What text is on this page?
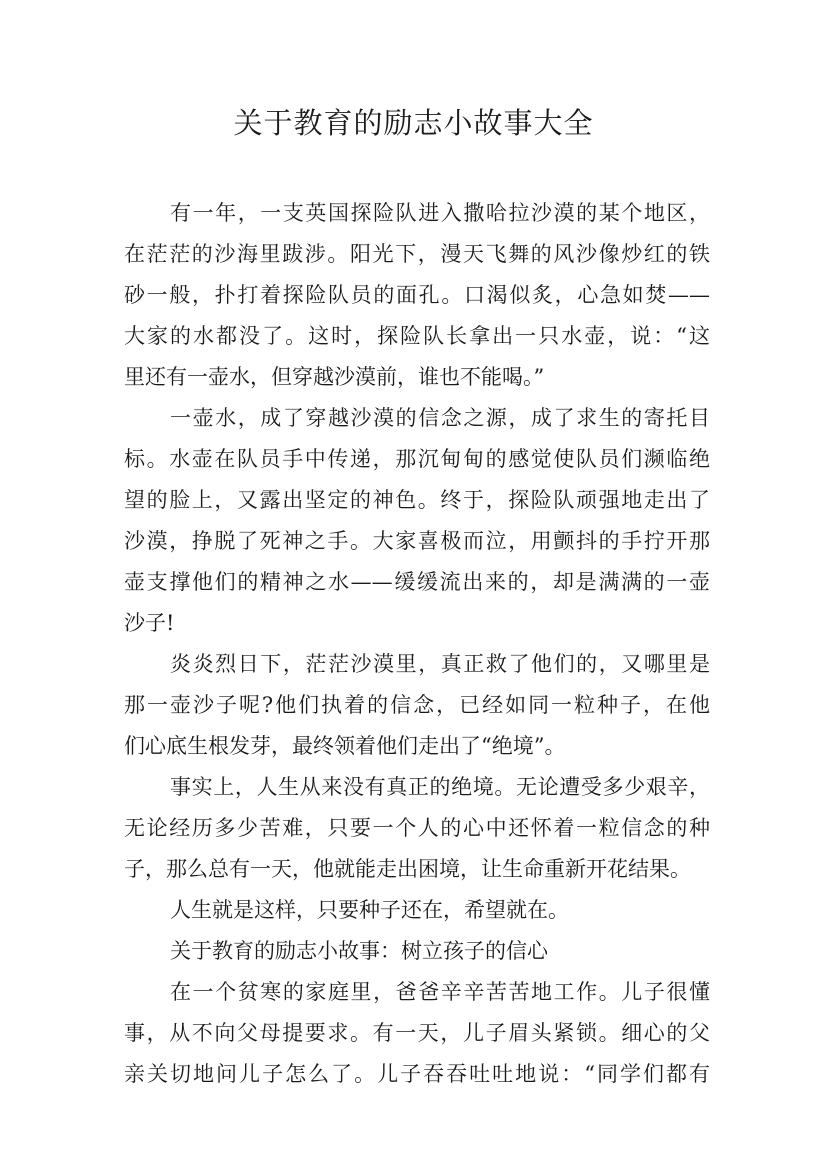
关于教育的励志小故事大全
有一年，一支英国探险队进入撒哈拉沙漠的某个地区，
在茫茫的沙海里跋涉。阳光下，漫天飞舞的风沙像炒红的铁
砂一般，扑打着探险队员的面孔。口渴似炙，心急如焚——
大家的水都没了。这时，探险队长拿出一只水壶，说：“这
里还有一壶水，但穿越沙漠前，谁也不能喝。”
一壶水，成了穿越沙漠的信念之源，成了求生的寄托目
标。水壶在队员手中传递，那沉甸甸的感觉使队员们濒临绝
望的脸上，又露出坚定的神色。终于，探险队顽强地走出了
沙漠，挣脱了死神之手。大家喜极而泣，用颤抖的手拧开那
壶支撑他们的精神之水——缓缓流出来的，却是满满的一壶
沙子!
炎炎烈日下，茫茫沙漠里，真正救了他们的，又哪里是
那一壶沙子呢?他们执着的信念，已经如同一粒种子，在他
们心底生根发芽，最终领着他们走出了“绝境”。
事实上，人生从来没有真正的绝境。无论遭受多少艰辛，
无论经历多少苦难，只要一个人的心中还怀着一粒信念的种
子，那么总有一天，他就能走出困境，让生命重新开花结果。
人生就是这样，只要种子还在，希望就在。
关于教育的励志小故事：树立孩子的信心
在一个贫寒的家庭里，爸爸辛辛苦苦地工作。儿子很懂
事，从不向父母提要求。有一天，儿子眉头紧锁。细心的父
亲关切地问儿子怎么了。儿子吞吞吐吐地说：“同学们都有
